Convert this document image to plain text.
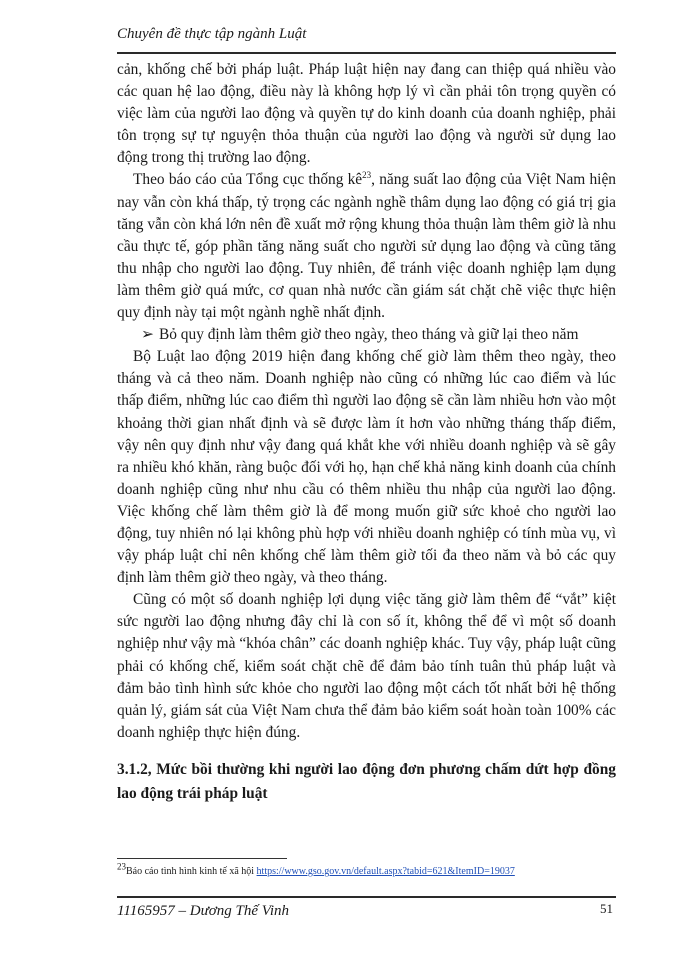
Chuyên đề thực tập ngành Luật

cản, khống chế bởi pháp luật. Pháp luật hiện nay đang can thiệp quá nhiều vào các quan hệ lao động, điều này là không hợp lý vì cần phải tôn trọng quyền có việc làm của người lao động và quyền tự do kinh doanh của doanh nghiệp, phải tôn trọng sự tự nguyện thỏa thuận của người lao động và người sử dụng lao động trong thị trường lao động.

Theo báo cáo của Tổng cục thống $kê^{23}$, năng suất lao động của Việt Nam hiện nay vẫn còn khá thấp, tỷ trọng các ngành nghề thâm dụng lao động có giá trị gia tăng vẫn còn khá lớn nên đề xuất mở rộng khung thỏa thuận làm thêm giờ là nhu cầu thực tế, góp phần tăng năng suất cho người sử dụng lao động và cũng tăng thu nhập cho người lao động. Tuy nhiên, để tránh việc doanh nghiệp lạm dụng làm thêm giờ quá mức, cơ quan nhà nước cần giám sát chặt chẽ việc thực hiện quy định này tại một ngành nghề nhất định.

➢ Bỏ quy định làm thêm giờ theo ngày, theo tháng và giữ lại theo năm

Bộ Luật lao động 2019 hiện đang khống chế giờ làm thêm theo ngày, theo tháng và cả theo năm. Doanh nghiệp nào cũng có những lúc cao điểm và lúc thấp điểm, những lúc cao điểm thì người lao động sẽ cần làm nhiều hơn vào một khoảng thời gian nhất định và sẽ được làm ít hơn vào những tháng thấp điểm, vậy nên quy định như vậy đang quá khắt khe với nhiều doanh nghiệp và sẽ gây ra nhiều khó khăn, ràng buộc đối với họ, hạn chế khả năng kinh doanh của chính doanh nghiệp cũng như nhu cầu có thêm nhiều thu nhập của người lao động. Việc khống chế làm thêm giờ là để mong muốn giữ sức khoẻ cho người lao động, tuy nhiên nó lại không phù hợp với nhiều doanh nghiệp có tính mùa vụ, vì vậy pháp luật chỉ nên khống chế làm thêm giờ tối đa theo năm và bỏ các quy định làm thêm giờ theo ngày, và theo tháng.

Cũng có một số doanh nghiệp lợi dụng việc tăng giờ làm thêm để “vắt” kiệt sức người lao động nhưng đây chỉ là con số ít, không thể để vì một số doanh nghiệp như vậy mà “khóa chân” các doanh nghiệp khác. Tuy vậy, pháp luật cũng phải có khống chế, kiểm soát chặt chẽ để đảm bảo tính tuân thủ pháp luật và đảm bảo tình hình sức khỏe cho người lao động một cách tốt nhất bởi hệ thống quản lý, giám sát của Việt Nam chưa thể đảm bảo kiểm soát hoàn toàn 100% các doanh nghiệp thực hiện đúng.

3.1.2, Mức bồi thường khi người lao động đơn phương chấm dứt hợp đồng lao động trái pháp luật

$^{23}$Báo cáo tình hình kinh tế xã hội https://www.gso.gov.vn/default.aspx?tabid=621&ItemID=19037
11165957 – Dương Thế Vinh	51
